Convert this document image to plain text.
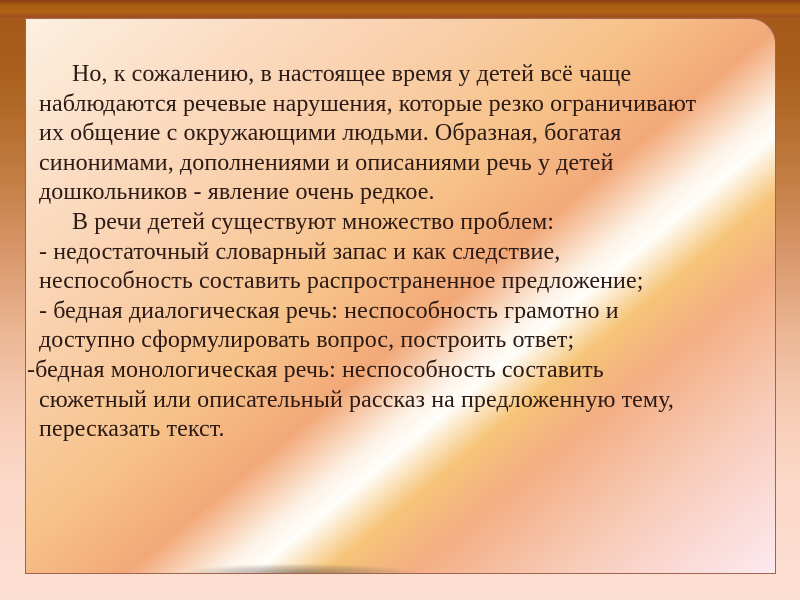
Но, к сожалению, в настоящее время у детей всё чаще
наблюдаются речевые нарушения, которые резко ограничивают
их общение с окружающими людьми. Образная, богатая
синонимами, дополнениями и описаниями речь у детей
дошкольников - явление очень редкое.
В речи детей существуют множество проблем:
- недостаточный словарный запас и как следствие,
неспособность составить распространенное предложение;
- бедная диалогическая речь: неспособность грамотно и
доступно сформулировать вопрос, построить ответ;
-бедная монологическая речь: неспособность составить
сюжетный или описательный рассказ на предложенную тему,
пересказать текст.
